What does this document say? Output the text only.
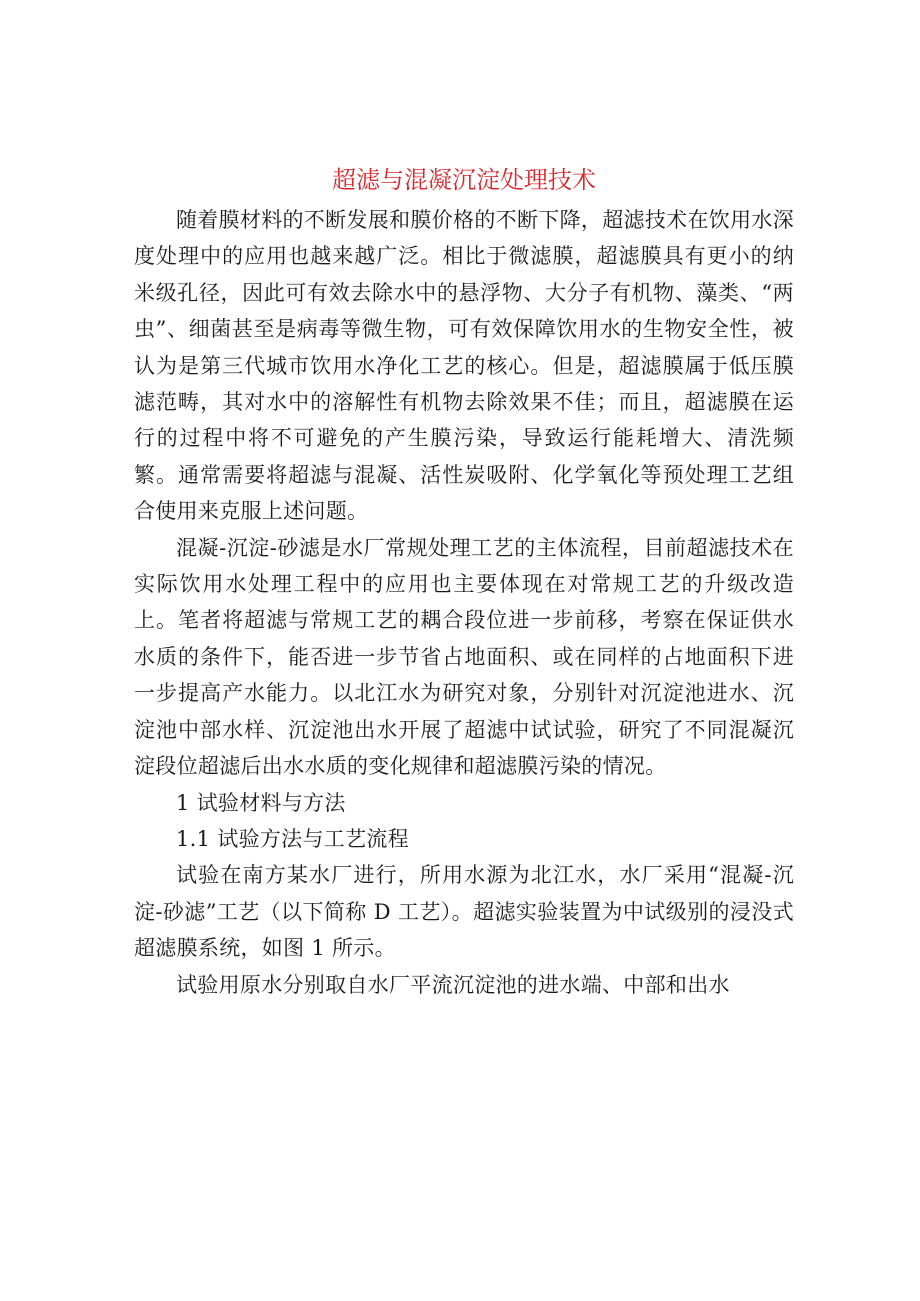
超滤与混凝沉淀处理技术

随着膜材料的不断发展和膜价格的不断下降，超滤技术在饮用水深度处理中的应用也越来越广泛。相比于微滤膜，超滤膜具有更小的纳米级孔径，因此可有效去除水中的悬浮物、大分子有机物、藻类、“两虫”、细菌甚至是病毒等微生物，可有效保障饮用水的生物安全性，被认为是第三代城市饮用水净化工艺的核心。但是，超滤膜属于低压膜滤范畴，其对水中的溶解性有机物去除效果不佳；而且，超滤膜在运行的过程中将不可避免的产生膜污染，导致运行能耗增大、清洗频繁。通常需要将超滤与混凝、活性炭吸附、化学氧化等预处理工艺组合使用来克服上述问题。

混凝-沉淀-砂滤是水厂常规处理工艺的主体流程，目前超滤技术在实际饮用水处理工程中的应用也主要体现在对常规工艺的升级改造上。笔者将超滤与常规工艺的耦合段位进一步前移，考察在保证供水水质的条件下，能否进一步节省占地面积、或在同样的占地面积下进一步提高产水能力。以北江水为研究对象，分别针对沉淀池进水、沉淀池中部水样、沉淀池出水开展了超滤中试试验，研究了不同混凝沉淀段位超滤后出水水质的变化规律和超滤膜污染的情况。

1 试验材料与方法

1.1 试验方法与工艺流程

试验在南方某水厂进行，所用水源为北江水，水厂采用“混凝-沉淀-砂滤”工艺（以下简称 D 工艺）。超滤实验装置为中试级别的浸没式超滤膜系统，如图 1 所示。

试验用原水分别取自水厂平流沉淀池的进水端、中部和出水
